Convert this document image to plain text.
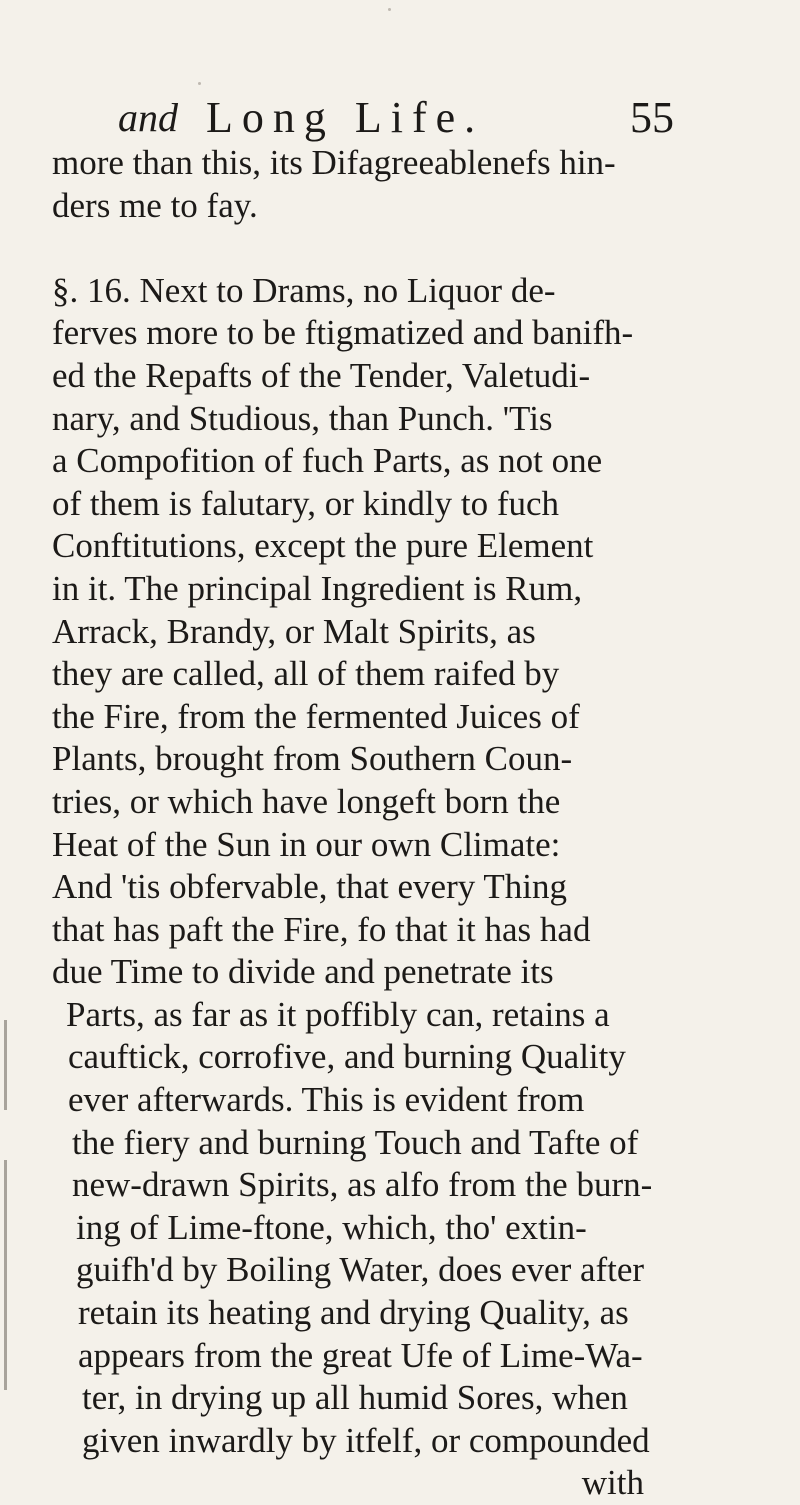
and Long Life.	55
more than this, its Difagreeablenefs hin-
ders me to fay.
§. 16. Next to Drams, no Liquor de-
ferves more to be ftigmatized and banifh-
ed the Repafts of the Tender, Valetudi-
nary, and Studious, than Punch. 'Tis
a Compofition of fuch Parts, as not one
of them is falutary, or kindly to fuch
Conftitutions, except the pure Element
in it. The principal Ingredient is Rum,
Arrack, Brandy, or Malt Spirits, as
they are called, all of them raifed by
the Fire, from the fermented Juices of
Plants, brought from Southern Coun-
tries, or which have longeft born the
Heat of the Sun in our own Climate:
And 'tis obfervable, that every Thing
that has paft the Fire, fo that it has had
due Time to divide and penetrate its
Parts, as far as it poffibly can, retains a
cauftick, corrofive, and burning Quality
ever afterwards. This is evident from
the fiery and burning Touch and Tafte of
new-drawn Spirits, as alfo from the burn-
ing of Lime-ftone, which, tho' extin-
guifh'd by Boiling Water, does ever after
retain its heating and drying Quality, as
appears from the great Ufe of Lime-Wa-
ter, in drying up all humid Sores, when
given inwardly by itfelf, or compounded
with
